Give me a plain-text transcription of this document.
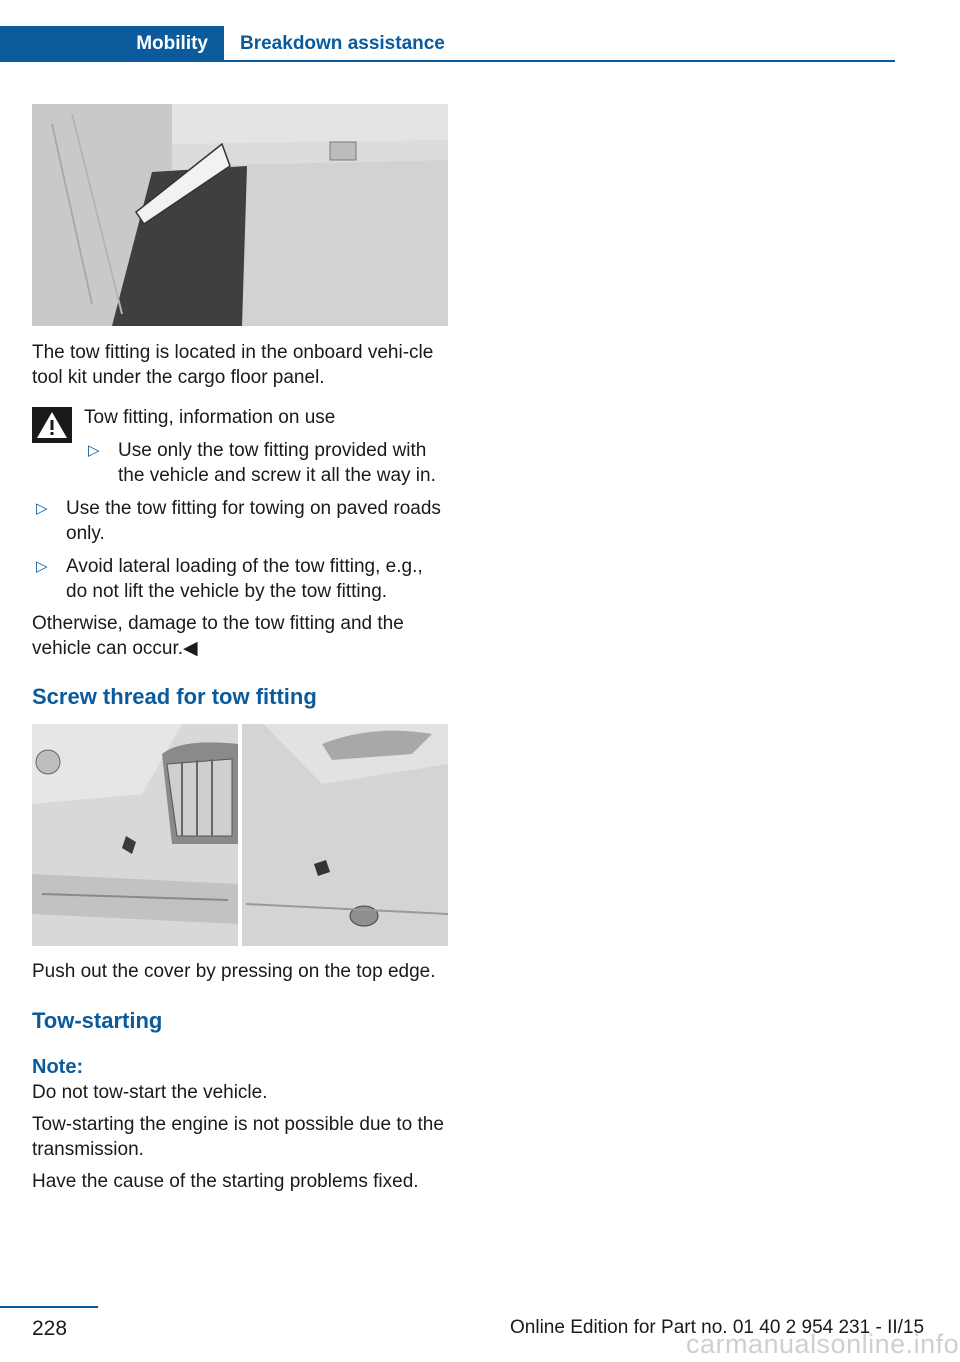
Mobility	Breakdown assistance

The tow fitting is located in the onboard vehi‐cle tool kit under the cargo floor panel.

Tow fitting, information on use

▷ Use only the tow fitting provided with the vehicle and screw it all the way in.

▷ Use the tow fitting for towing on paved roads only.

▷ Avoid lateral loading of the tow fitting, e.g., do not lift the vehicle by the tow fitting.

Otherwise, damage to the tow fitting and the vehicle can occur.◀

Screw thread for tow fitting

Push out the cover by pressing on the top edge.

Tow-starting
Note:

Do not tow-start the vehicle.

Tow-starting the engine is not possible due to the transmission.

Have the cause of the starting problems fixed.

228	Online Edition for Part no. 01 40 2 954 231 - II/15
carmanualsonline.info
